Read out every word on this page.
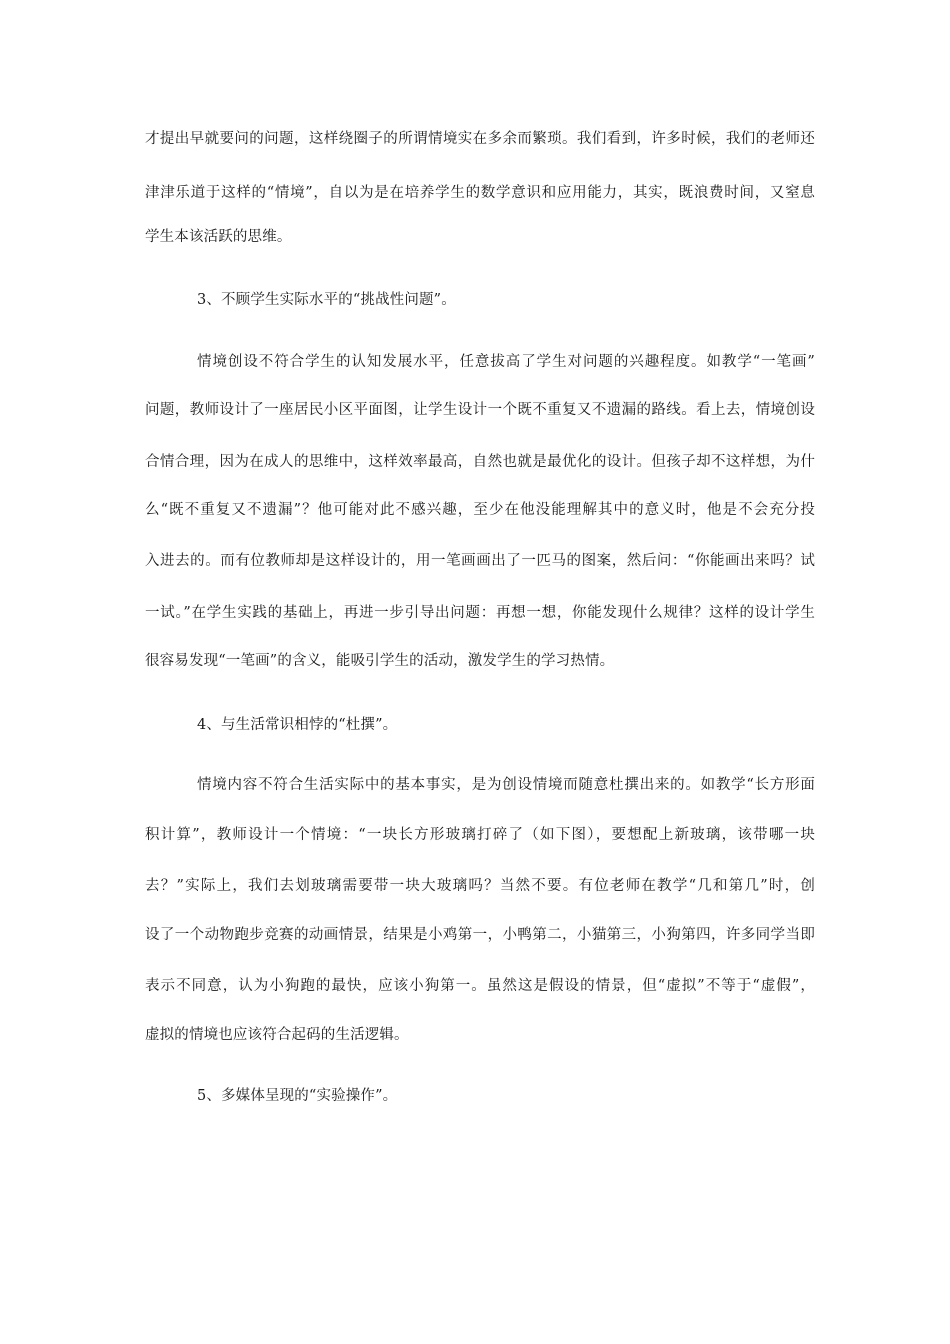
才提出早就要问的问题，这样绕圈子的所谓情境实在多余而繁琐。我们看到，许多时候，我们的老师还
津津乐道于这样的“情境”，自以为是在培养学生的数学意识和应用能力，其实，既浪费时间，又窒息
学生本该活跃的思维。
3、不顾学生实际水平的“挑战性问题”。
情境创设不符合学生的认知发展水平，任意拔高了学生对问题的兴趣程度。如教学“一笔画”
问题，教师设计了一座居民小区平面图，让学生设计一个既不重复又不遗漏的路线。看上去，情境创设
合情合理，因为在成人的思维中，这样效率最高，自然也就是最优化的设计。但孩子却不这样想，为什
么“既不重复又不遗漏”？他可能对此不感兴趣，至少在他没能理解其中的意义时，他是不会充分投
入进去的。而有位教师却是这样设计的，用一笔画画出了一匹马的图案，然后问：“你能画出来吗？试
一试。”在学生实践的基础上，再进一步引导出问题：再想一想，你能发现什么规律？这样的设计学生
很容易发现“一笔画”的含义，能吸引学生的活动，激发学生的学习热情。
4、与生活常识相悖的“杜撰”。
情境内容不符合生活实际中的基本事实，是为创设情境而随意杜撰出来的。如教学“长方形面
积计算”，教师设计一个情境：“一块长方形玻璃打碎了（如下图），要想配上新玻璃，该带哪一块
去？”实际上，我们去划玻璃需要带一块大玻璃吗？当然不要。有位老师在教学“几和第几”时，创
设了一个动物跑步竞赛的动画情景，结果是小鸡第一，小鸭第二，小猫第三，小狗第四，许多同学当即
表示不同意，认为小狗跑的最快，应该小狗第一。虽然这是假设的情景，但“虚拟”不等于“虚假”，
虚拟的情境也应该符合起码的生活逻辑。
5、多媒体呈现的“实验操作”。
